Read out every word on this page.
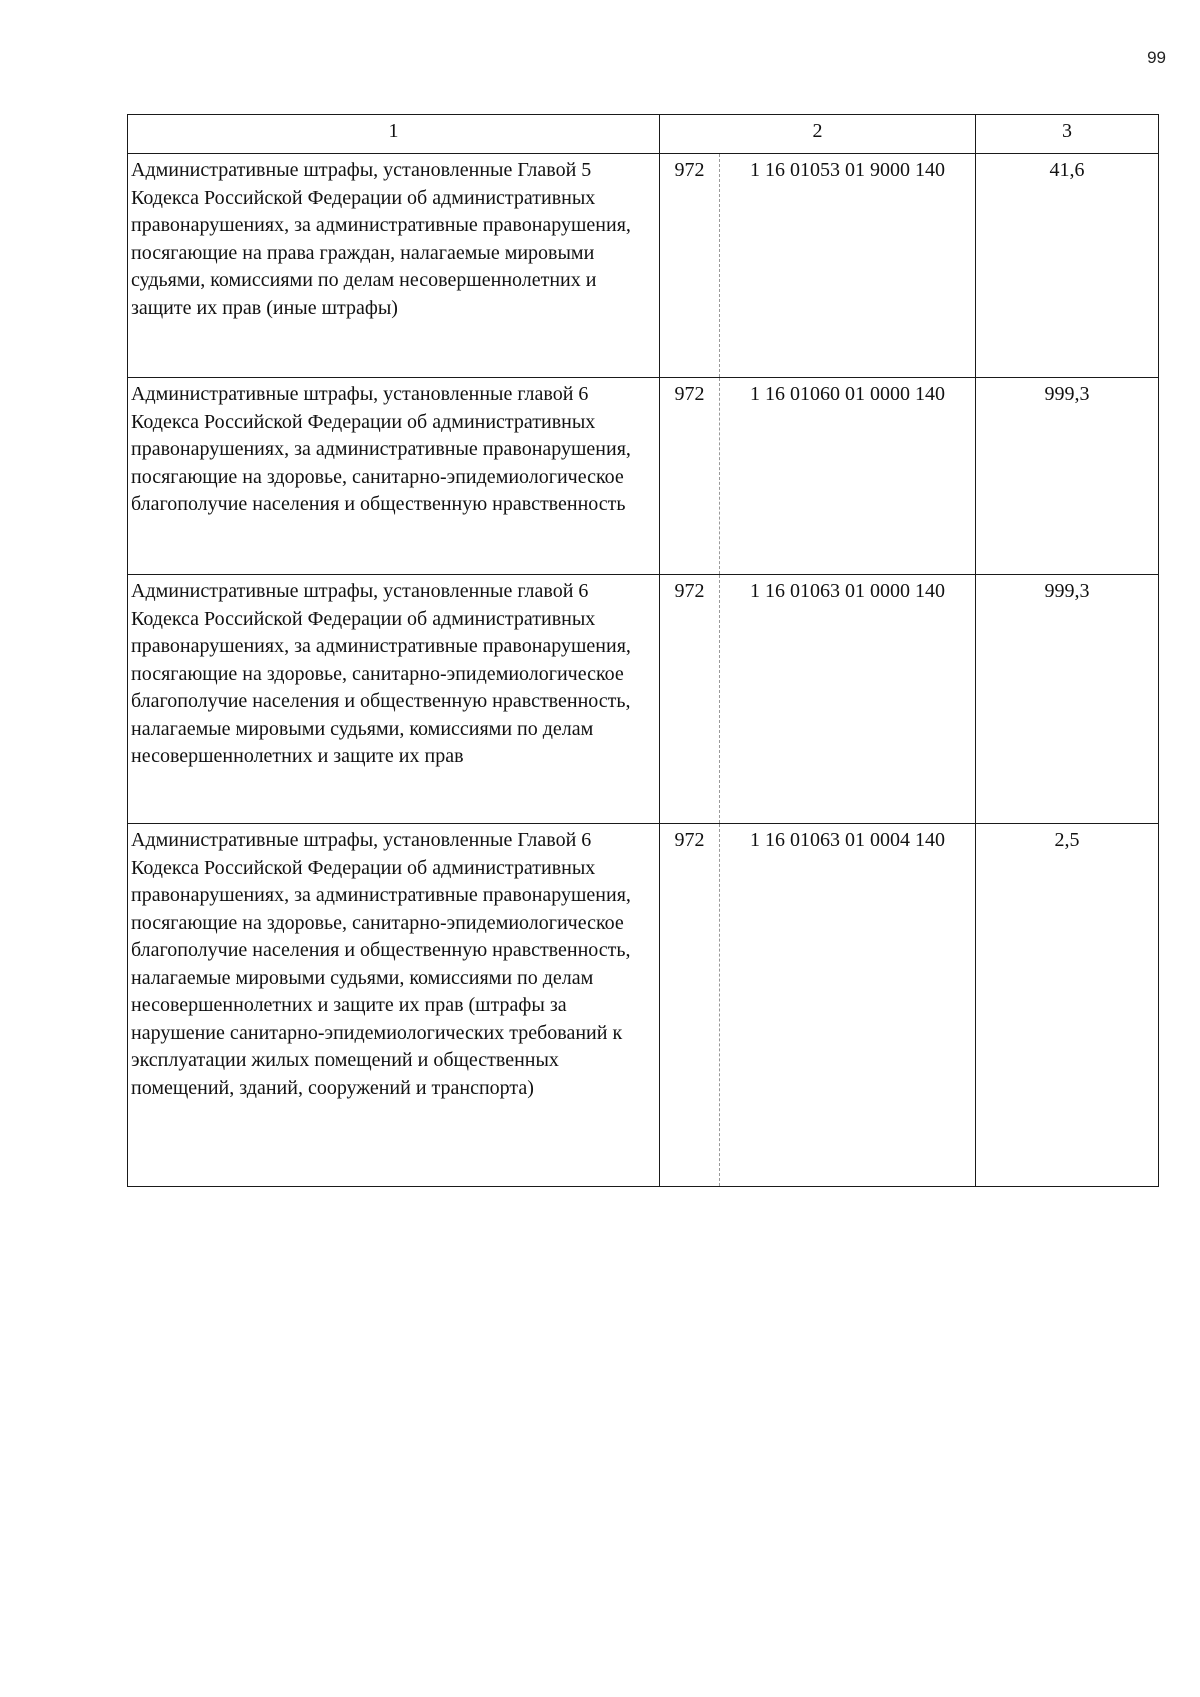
99
1	2		3
Административные штрафы, установленные Главой 5 Кодекса Российской Федерации об административных правонарушениях, за административные правонарушения, посягающие на права граждан, налагаемые мировыми судьями, комиссиями по делам несовершеннолетних и защите их прав (иные штрафы)	972	1 16 01053 01 9000 140	41,6
Административные штрафы, установленные главой 6 Кодекса Российской Федерации об административных правонарушениях, за административные правонарушения, посягающие на здоровье, санитарно-эпидемиологическое благополучие населения и общественную нравственность	972	1 16 01060 01 0000 140	999,3
Административные штрафы, установленные главой 6 Кодекса Российской Федерации об административных правонарушениях, за административные правонарушения, посягающие на здоровье, санитарно-эпидемиологическое благополучие населения и общественную нравственность, налагаемые мировыми судьями, комиссиями по делам несовершеннолетних и защите их прав	972	1 16 01063 01 0000 140	999,3
Административные штрафы, установленные Главой 6 Кодекса Российской Федерации об административных правонарушениях, за административные правонарушения, посягающие на здоровье, санитарно-эпидемиологическое благополучие населения и общественную нравственность, налагаемые мировыми судьями, комиссиями по делам несовершеннолетних и защите их прав (штрафы за нарушение санитарно-эпидемиологических требований к эксплуатации жилых помещений и общественных помещений, зданий, сооружений и транспорта)	972	1 16 01063 01 0004 140	2,5
